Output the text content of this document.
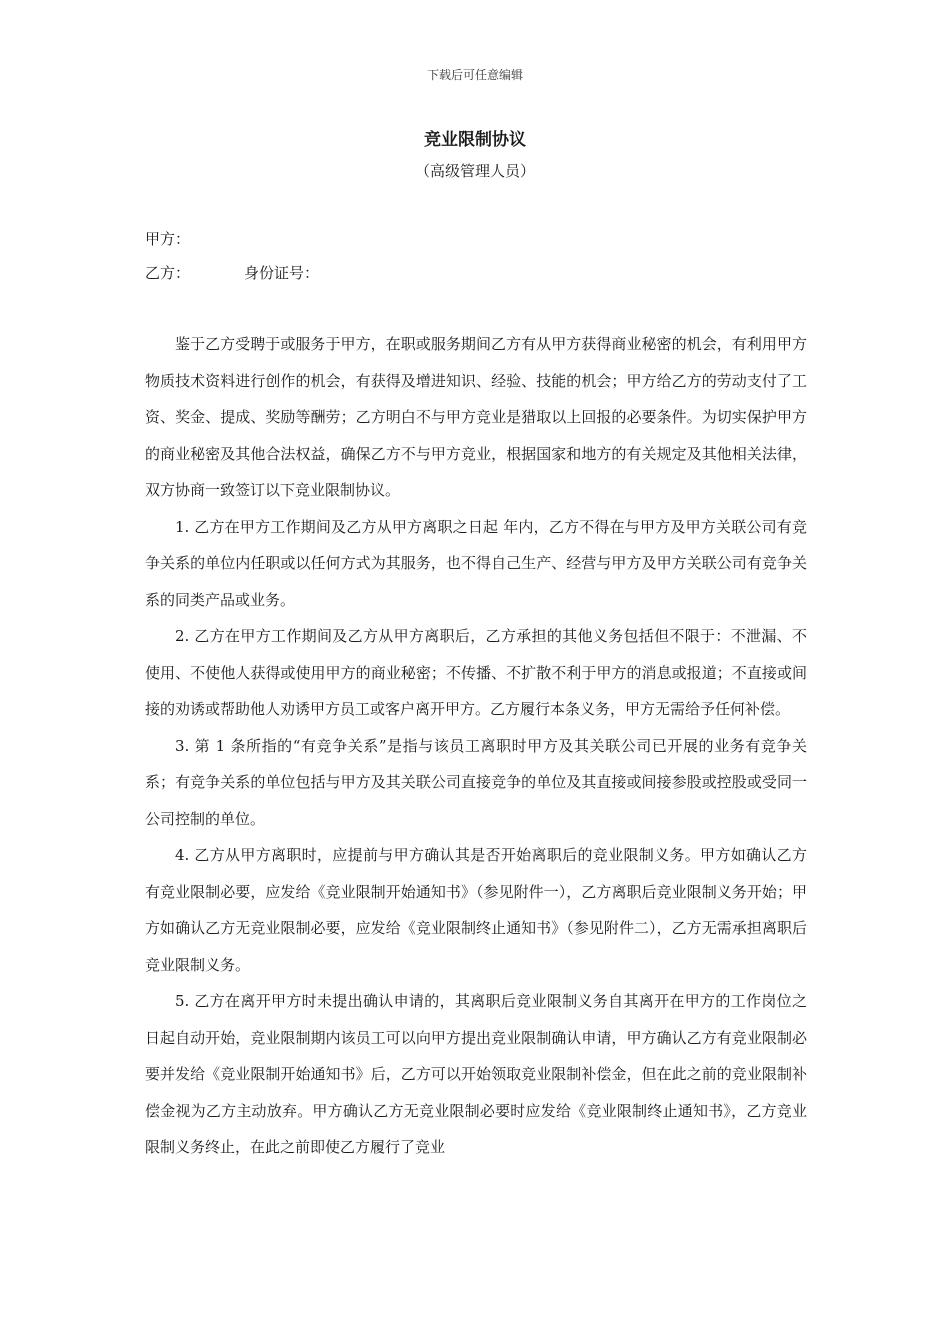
下载后可任意编辑
竞业限制协议
（高级管理人员）
甲方：
乙方：	身份证号：

鉴于乙方受聘于或服务于甲方，在职或服务期间乙方有从甲方获得商业秘密的机会，有利用甲方物质技术资料进行创作的机会，有获得及增进知识、经验、技能的机会；甲方给乙方的劳动支付了工资、奖金、提成、奖励等酬劳；乙方明白不与甲方竞业是猎取以上回报的必要条件。为切实保护甲方的商业秘密及其他合法权益，确保乙方不与甲方竞业，根据国家和地方的有关规定及其他相关法律，双方协商一致签订以下竞业限制协议。

1. 乙方在甲方工作期间及乙方从甲方离职之日起 年内，乙方不得在与甲方及甲方关联公司有竞争关系的单位内任职或以任何方式为其服务，也不得自己生产、经营与甲方及甲方关联公司有竞争关系的同类产品或业务。

2. 乙方在甲方工作期间及乙方从甲方离职后，乙方承担的其他义务包括但不限于：不泄漏、不使用、不使他人获得或使用甲方的商业秘密；不传播、不扩散不利于甲方的消息或报道；不直接或间接的劝诱或帮助他人劝诱甲方员工或客户离开甲方。乙方履行本条义务，甲方无需给予任何补偿。

3. 第 1 条所指的“有竞争关系”是指与该员工离职时甲方及其关联公司已开展的业务有竞争关系；有竞争关系的单位包括与甲方及其关联公司直接竞争的单位及其直接或间接参股或控股或受同一公司控制的单位。

4. 乙方从甲方离职时，应提前与甲方确认其是否开始离职后的竞业限制义务。甲方如确认乙方有竞业限制必要，应发给《竞业限制开始通知书》（参见附件一），乙方离职后竞业限制义务开始；甲方如确认乙方无竞业限制必要，应发给《竞业限制终止通知书》（参见附件二），乙方无需承担离职后竞业限制义务。

5. 乙方在离开甲方时未提出确认申请的，其离职后竞业限制义务自其离开在甲方的工作岗位之日起自动开始，竞业限制期内该员工可以向甲方提出竞业限制确认申请，甲方确认乙方有竞业限制必要并发给《竞业限制开始通知书》后，乙方可以开始领取竞业限制补偿金，但在此之前的竞业限制补偿金视为乙方主动放弃。甲方确认乙方无竞业限制必要时应发给《竞业限制终止通知书》，乙方竞业限制义务终止，在此之前即使乙方履行了竞业
